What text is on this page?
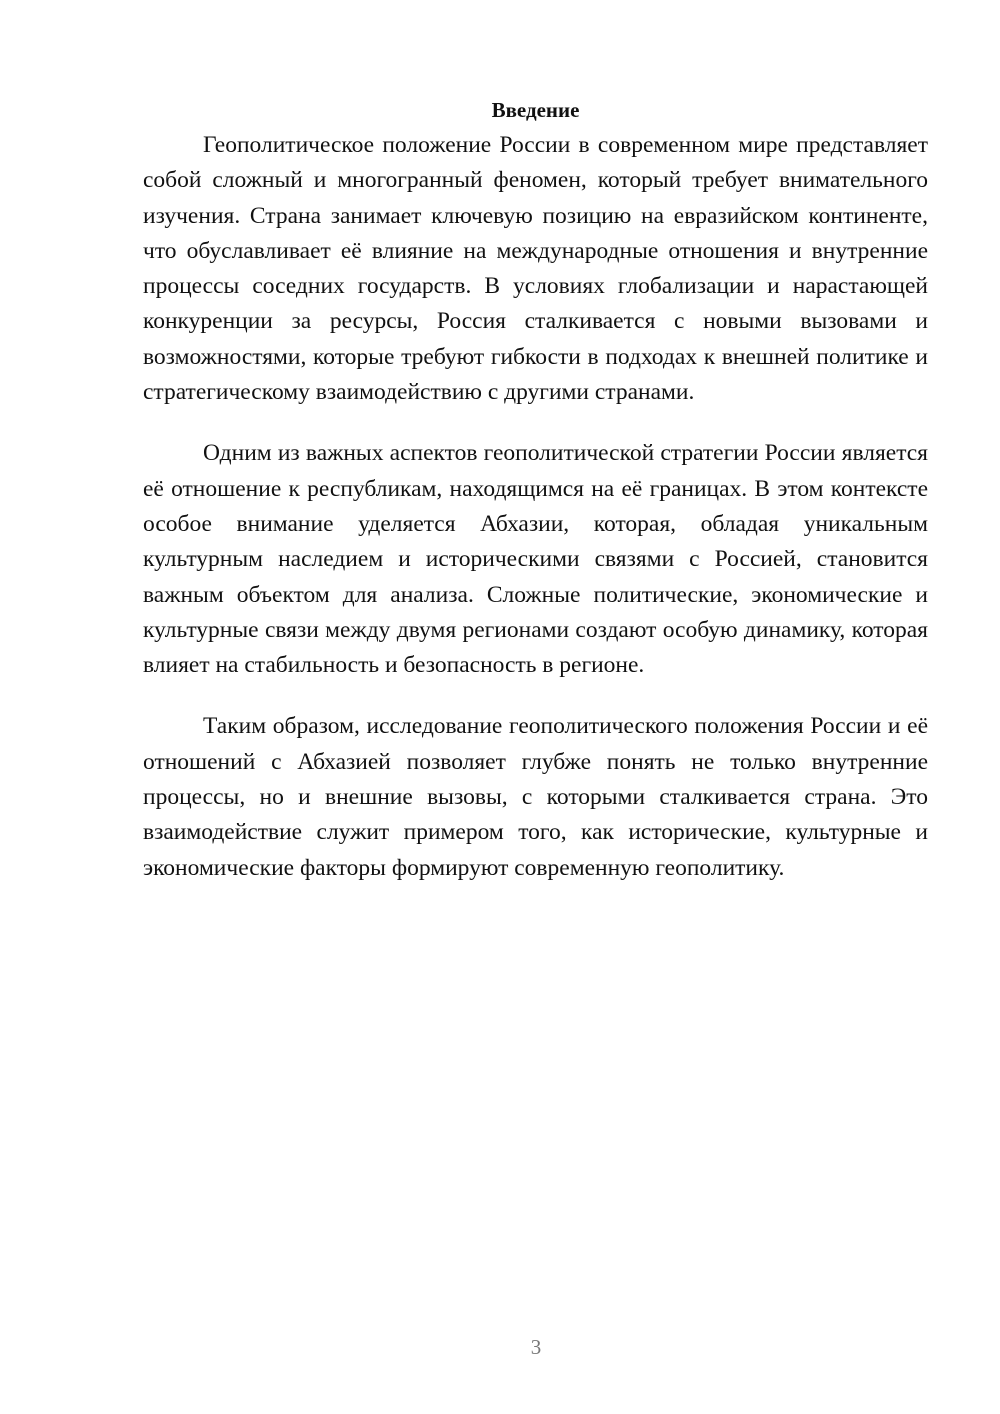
Введение

Геополитическое положение России в современном мире представляет собой сложный и многогранный феномен, который требует внимательного изучения. Страна занимает ключевую позицию на евразийском континенте, что обуславливает её влияние на международные отношения и внутренние процессы соседних государств. В условиях глобализации и нарастающей конкуренции за ресурсы, Россия сталкивается с новыми вызовами и возможностями, которые требуют гибкости в подходах к внешней политике и стратегическому взаимодействию с другими странами.

Одним из важных аспектов геополитической стратегии России является её отношение к республикам, находящимся на её границах. В этом контексте особое внимание уделяется Абхазии, которая, обладая уникальным культурным наследием и историческими связями с Россией, становится важным объектом для анализа. Сложные политические, экономические и культурные связи между двумя регионами создают особую динамику, которая влияет на стабильность и безопасность в регионе.

Таким образом, исследование геополитического положения России и её отношений с Абхазией позволяет глубже понять не только внутренние процессы, но и внешние вызовы, с которыми сталкивается страна. Это взаимодействие служит примером того, как исторические, культурные и экономические факторы формируют современную геополитику.

3
